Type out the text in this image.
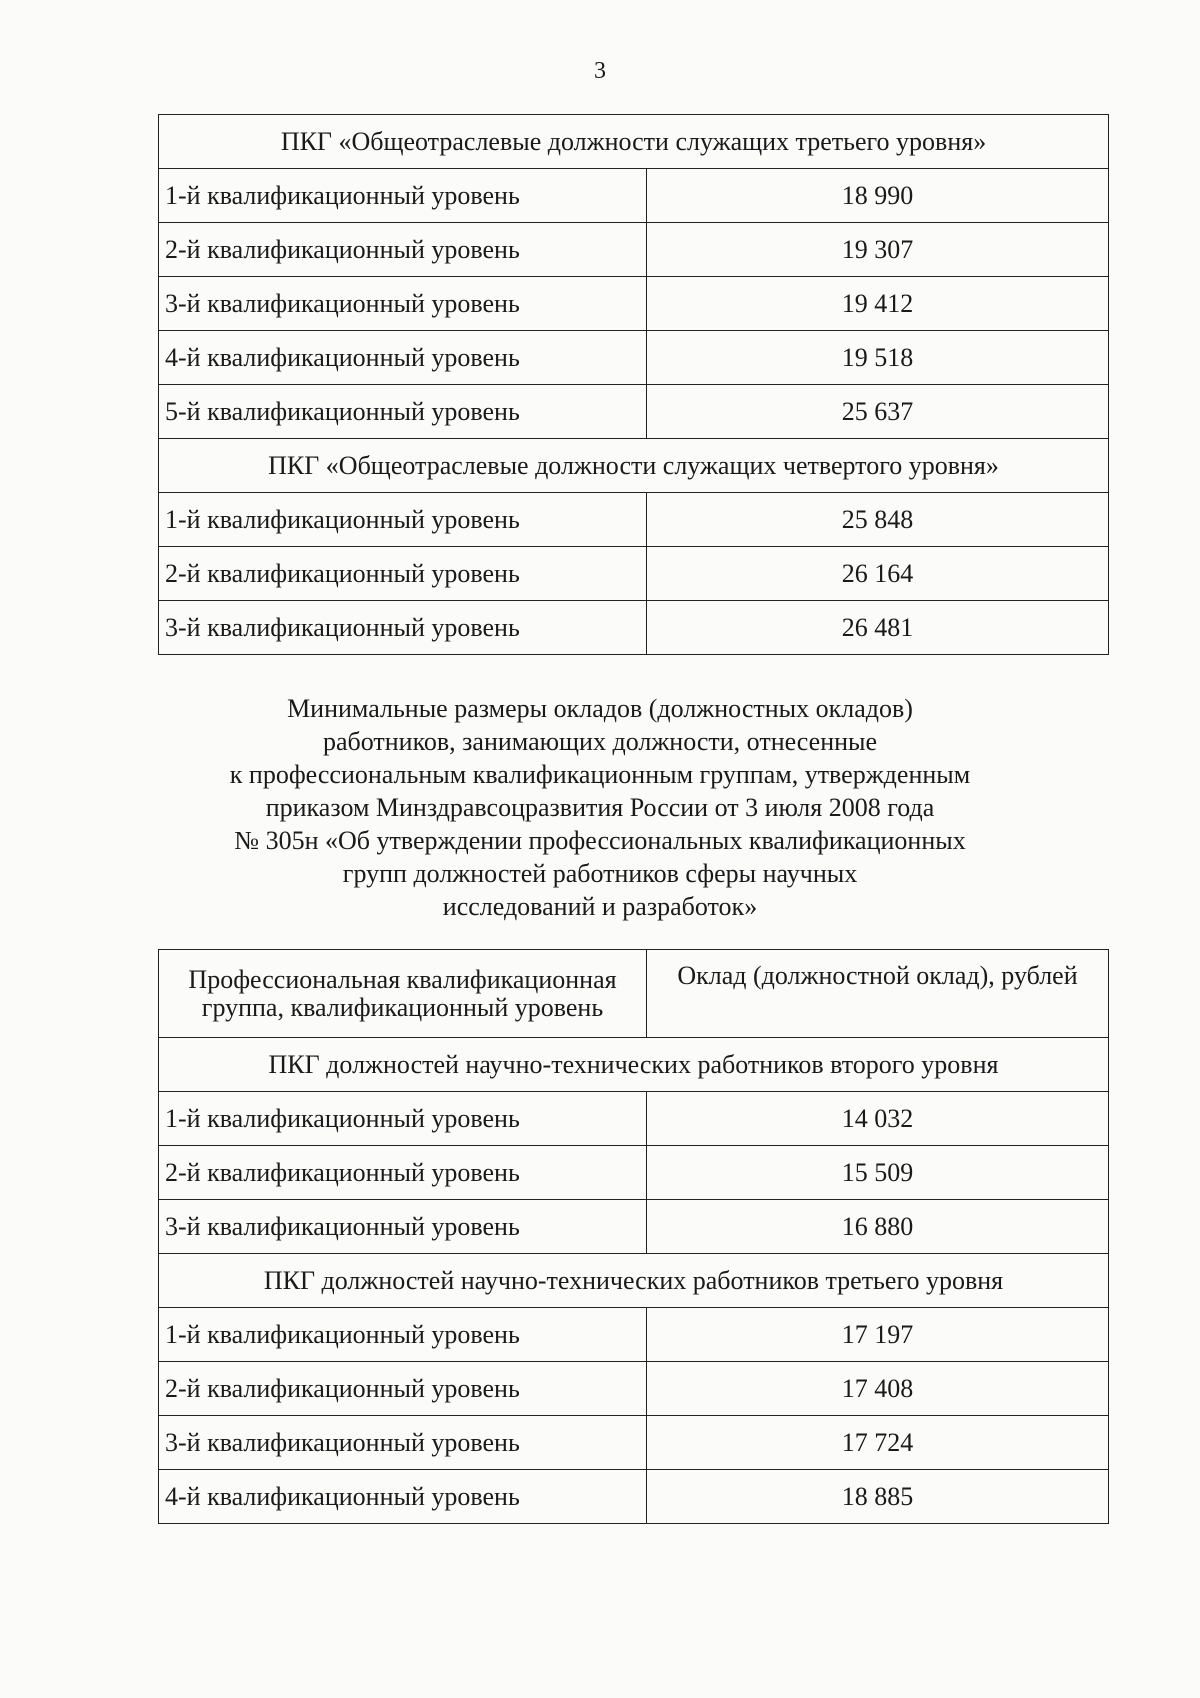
3
ПКГ «Общеотраслевые должности служащих третьего уровня»	
1-й квалификационный уровень	18 990
2-й квалификационный уровень	19 307
3-й квалификационный уровень	19 412
4-й квалификационный уровень	19 518
5-й квалификационный уровень	25 637
ПКГ «Общеотраслевые должности служащих четвертого уровня»	
1-й квалификационный уровень	25 848
2-й квалификационный уровень	26 164
3-й квалификационный уровень	26 481
Минимальные размеры окладов (должностных окладов)
работников, занимающих должности, отнесенные
к профессиональным квалификационным группам, утвержденным
приказом Минздравсоцразвития России от 3 июля 2008 года
№ 305н «Об утверждении профессиональных квалификационных
групп должностей работников сферы научных
исследований и разработок»
Профессиональная квалификационная
группа, квалификационный уровень	Оклад (должностной оклад), рублей
ПКГ должностей научно-технических работников второго уровня	
1-й квалификационный уровень	14 032
2-й квалификационный уровень	15 509
3-й квалификационный уровень	16 880
ПКГ должностей научно-технических работников третьего уровня	
1-й квалификационный уровень	17 197
2-й квалификационный уровень	17 408
3-й квалификационный уровень	17 724
4-й квалификационный уровень	18 885
